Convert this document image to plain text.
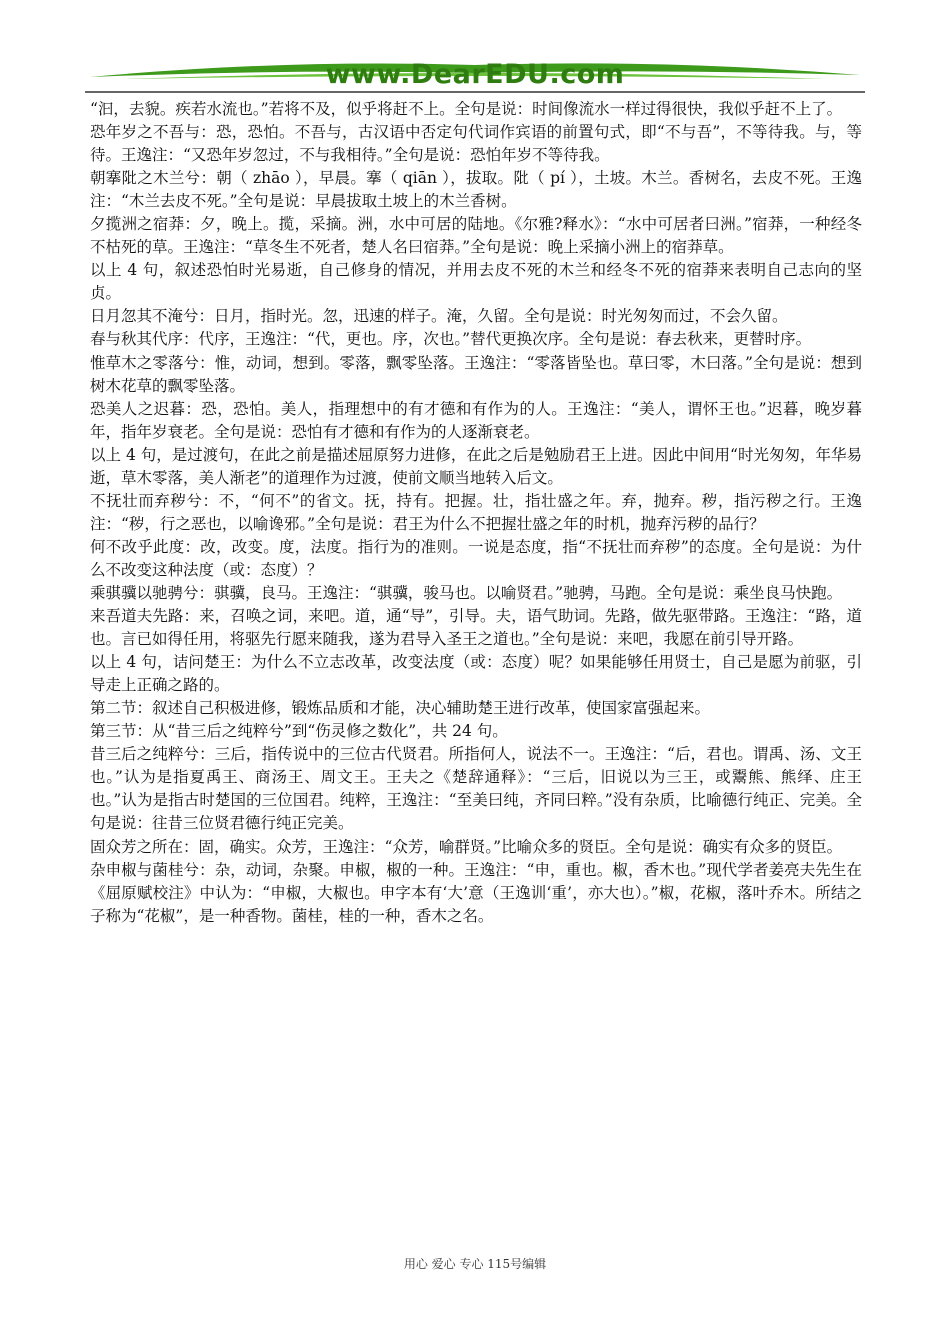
www.DearEDU.com

“汩，去貌。疾若水流也。”若将不及，似乎将赶不上。全句是说：时间像流水一样过得很快，我似乎赶不上了。

恐年岁之不吾与：恐，恐怕。不吾与，古汉语中否定句代词作宾语的前置句式，即“不与吾”，不等待我。与，等待。王逸注：“又恐年岁忽过，不与我相待。”全句是说：恐怕年岁不等待我。

朝搴阰之木兰兮：朝（ zhāo ），早晨。搴（ qiān ），拔取。阰（ pí ），土坡。木兰。香树名，去皮不死。王逸注：“木兰去皮不死。”全句是说：早晨拔取土坡上的木兰香树。

夕揽洲之宿莽：夕，晚上。揽，采摘。洲，水中可居的陆地。《尔雅?释水》：“水中可居者曰洲。”宿莽，一种经冬不枯死的草。王逸注：“草冬生不死者，楚人名曰宿莽。”全句是说：晚上采摘小洲上的宿莽草。

以上 4 句，叙述恐怕时光易逝，自己修身的情况，并用去皮不死的木兰和经冬不死的宿莽来表明自己志向的坚贞。

日月忽其不淹兮：日月，指时光。忽，迅速的样子。淹，久留。全句是说：时光匆匆而过，不会久留。

春与秋其代序：代序，王逸注：“代，更也。序，次也。”替代更换次序。全句是说：春去秋来，更替时序。

惟草木之零落兮：惟，动词，想到。零落，飘零坠落。王逸注：“零落皆坠也。草曰零，木曰落。”全句是说：想到树木花草的飘零坠落。

恐美人之迟暮：恐，恐怕。美人，指理想中的有才德和有作为的人。王逸注：“美人，谓怀王也。”迟暮，晚岁暮年，指年岁衰老。全句是说：恐怕有才德和有作为的人逐渐衰老。

以上 4 句，是过渡句，在此之前是描述屈原努力进修，在此之后是勉励君王上进。因此中间用“时光匆匆，年华易逝，草木零落，美人渐老”的道理作为过渡，使前文顺当地转入后文。

不抚壮而弃秽兮：不，“何不”的省文。抚，持有。把握。壮，指壮盛之年。弃，抛弃。秽，指污秽之行。王逸注：“秽，行之恶也，以喻谗邪。”全句是说：君王为什么不把握壮盛之年的时机，抛弃污秽的品行？

何不改乎此度：改，改变。度，法度。指行为的准则。一说是态度，指“不抚壮而弃秽”的态度。全句是说：为什么不改变这种法度（或：态度）？

乘骐骥以驰骋兮：骐骥，良马。王逸注：“骐骥，骏马也。以喻贤君。”驰骋，马跑。全句是说：乘坐良马快跑。

来吾道夫先路：来，召唤之词，来吧。道，通“导”，引导。夫，语气助词。先路，做先驱带路。王逸注：“路，道也。言已如得任用，将驱先行愿来随我，遂为君导入圣王之道也。”全句是说：来吧，我愿在前引导开路。

以上 4 句，诘问楚王：为什么不立志改革，改变法度（或：态度）呢？如果能够任用贤士，自己是愿为前驱，引导走上正确之路的。

第二节：叙述自己积极进修，锻炼品质和才能，决心辅助楚王进行改革，使国家富强起来。

第三节：从“昔三后之纯粹兮”到“伤灵修之数化”，共 24 句。

昔三后之纯粹兮：三后，指传说中的三位古代贤君。所指何人，说法不一。王逸注：“后，君也。谓禹、汤、文王也。”认为是指夏禹王、商汤王、周文王。王夫之《楚辞通释》：“三后，旧说以为三王，或鬻熊、熊绎、庄王也。”认为是指古时楚国的三位国君。纯粹，王逸注：“至美曰纯，齐同曰粹。”没有杂质，比喻德行纯正、完美。全句是说：往昔三位贤君德行纯正完美。

固众芳之所在：固，确实。众芳，王逸注：“众芳，喻群贤。”比喻众多的贤臣。全句是说：确实有众多的贤臣。

杂申椒与菌桂兮：杂，动词，杂聚。申椒，椒的一种。王逸注：“申，重也。椒，香木也。”现代学者姜亮夫先生在《屈原赋校注》中认为：“申椒，大椒也。申字本有‘大’意（王逸训‘重’，亦大也）。”椒，花椒，落叶乔木。所结之子称为“花椒”，是一种香物。菌桂，桂的一种，香木之名。

用心 爱心 专心 115号编辑
